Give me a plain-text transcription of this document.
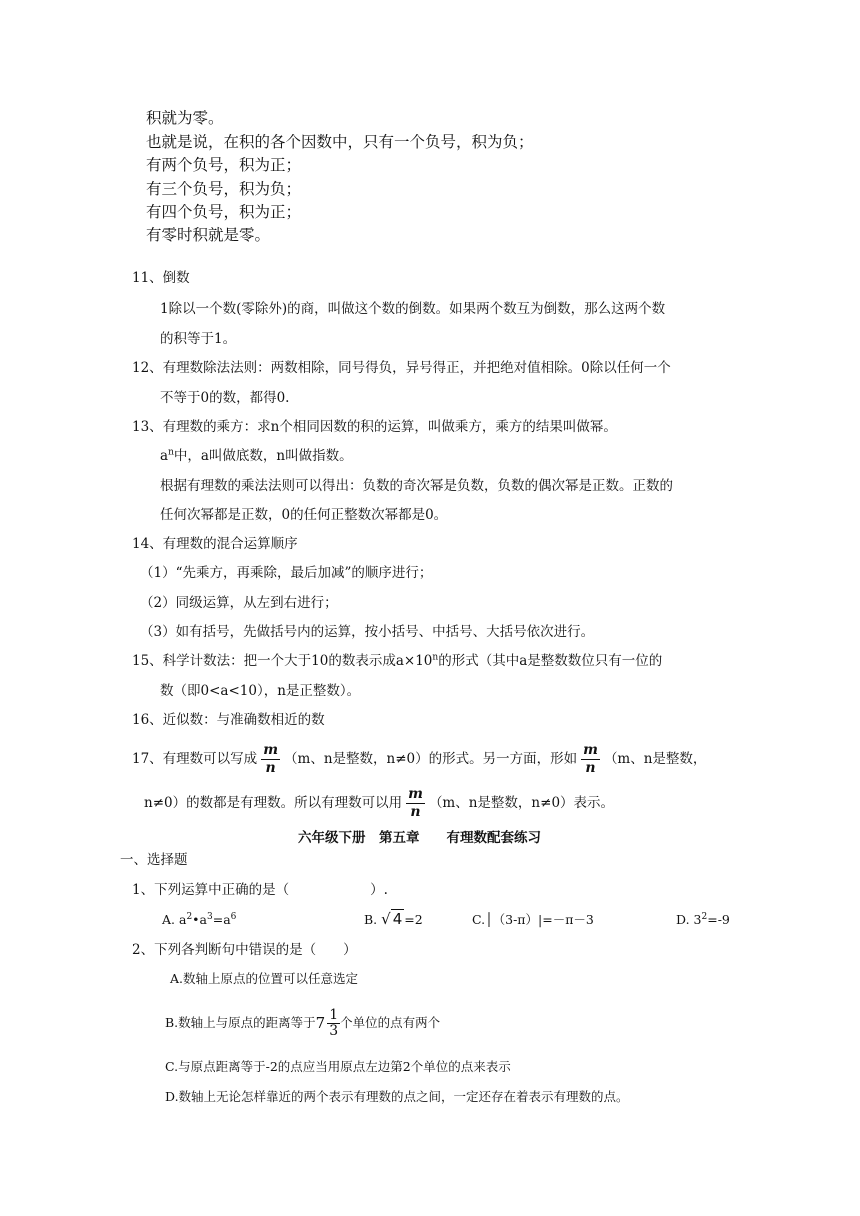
积就为零。
也就是说，在积的各个因数中，只有一个负号，积为负；
有两个负号，积为正；
有三个负号，积为负；
有四个负号，积为正；
有零时积就是零。
11、倒数
1除以一个数(零除外)的商，叫做这个数的倒数。如果两个数互为倒数，那么这两个数
的积等于1。
12、有理数除法法则：两数相除，同号得负，异号得正，并把绝对值相除。0除以任何一个
不等于0的数，都得0.
13、有理数的乘方：求n个相同因数的积的运算，叫做乘方，乘方的结果叫做幂。
$a^n$中，a叫做底数，n叫做指数。
根据有理数的乘法法则可以得出：负数的奇次幂是负数，负数的偶次幂是正数。正数的
任何次幂都是正数，0的任何正整数次幂都是0。
14、有理数的混合运算顺序
（1）“先乘方，再乘除，最后加减”的顺序进行；
（2）同级运算，从左到右进行；
（3）如有括号，先做括号内的运算，按小括号、中括号、大括号依次进行。
15、科学计数法：把一个大于10的数表示成$a\times 10^n$的形式（其中a是整数数位只有一位的
数（即0<a<10），n是正整数）。
16、近似数：与准确数相近的数
17、有理数可以写成 $\frac{m}{n} (m$、n是整数，n≠0）的形式。另一方面，形如 $\frac{m}{n} (m$、n是整数，
n≠0）的数都是有理数。所以有理数可以用 $\frac{m}{n} (m$、n是整数，n≠0）表示。
六年级下册　第五章　　有理数配套练习
一、选择题
1、下列运算中正确的是（　　　　　　）.
A. $a^2•a^3=a^6$	B. √ 4 =2	C.│（3-π）|=－π－3	D. $3^2=-9$
2、下列各判断句中错误的是（　　）
A.数轴上原点的位置可以任意选定
B.数轴上与原点的距离等于$7 \frac{1}{3}$ 个单位的点有两个
C.与原点距离等于-2的点应当用原点左边第2个单位的点来表示
D.数轴上无论怎样靠近的两个表示有理数的点之间，一定还存在着表示有理数的点。
